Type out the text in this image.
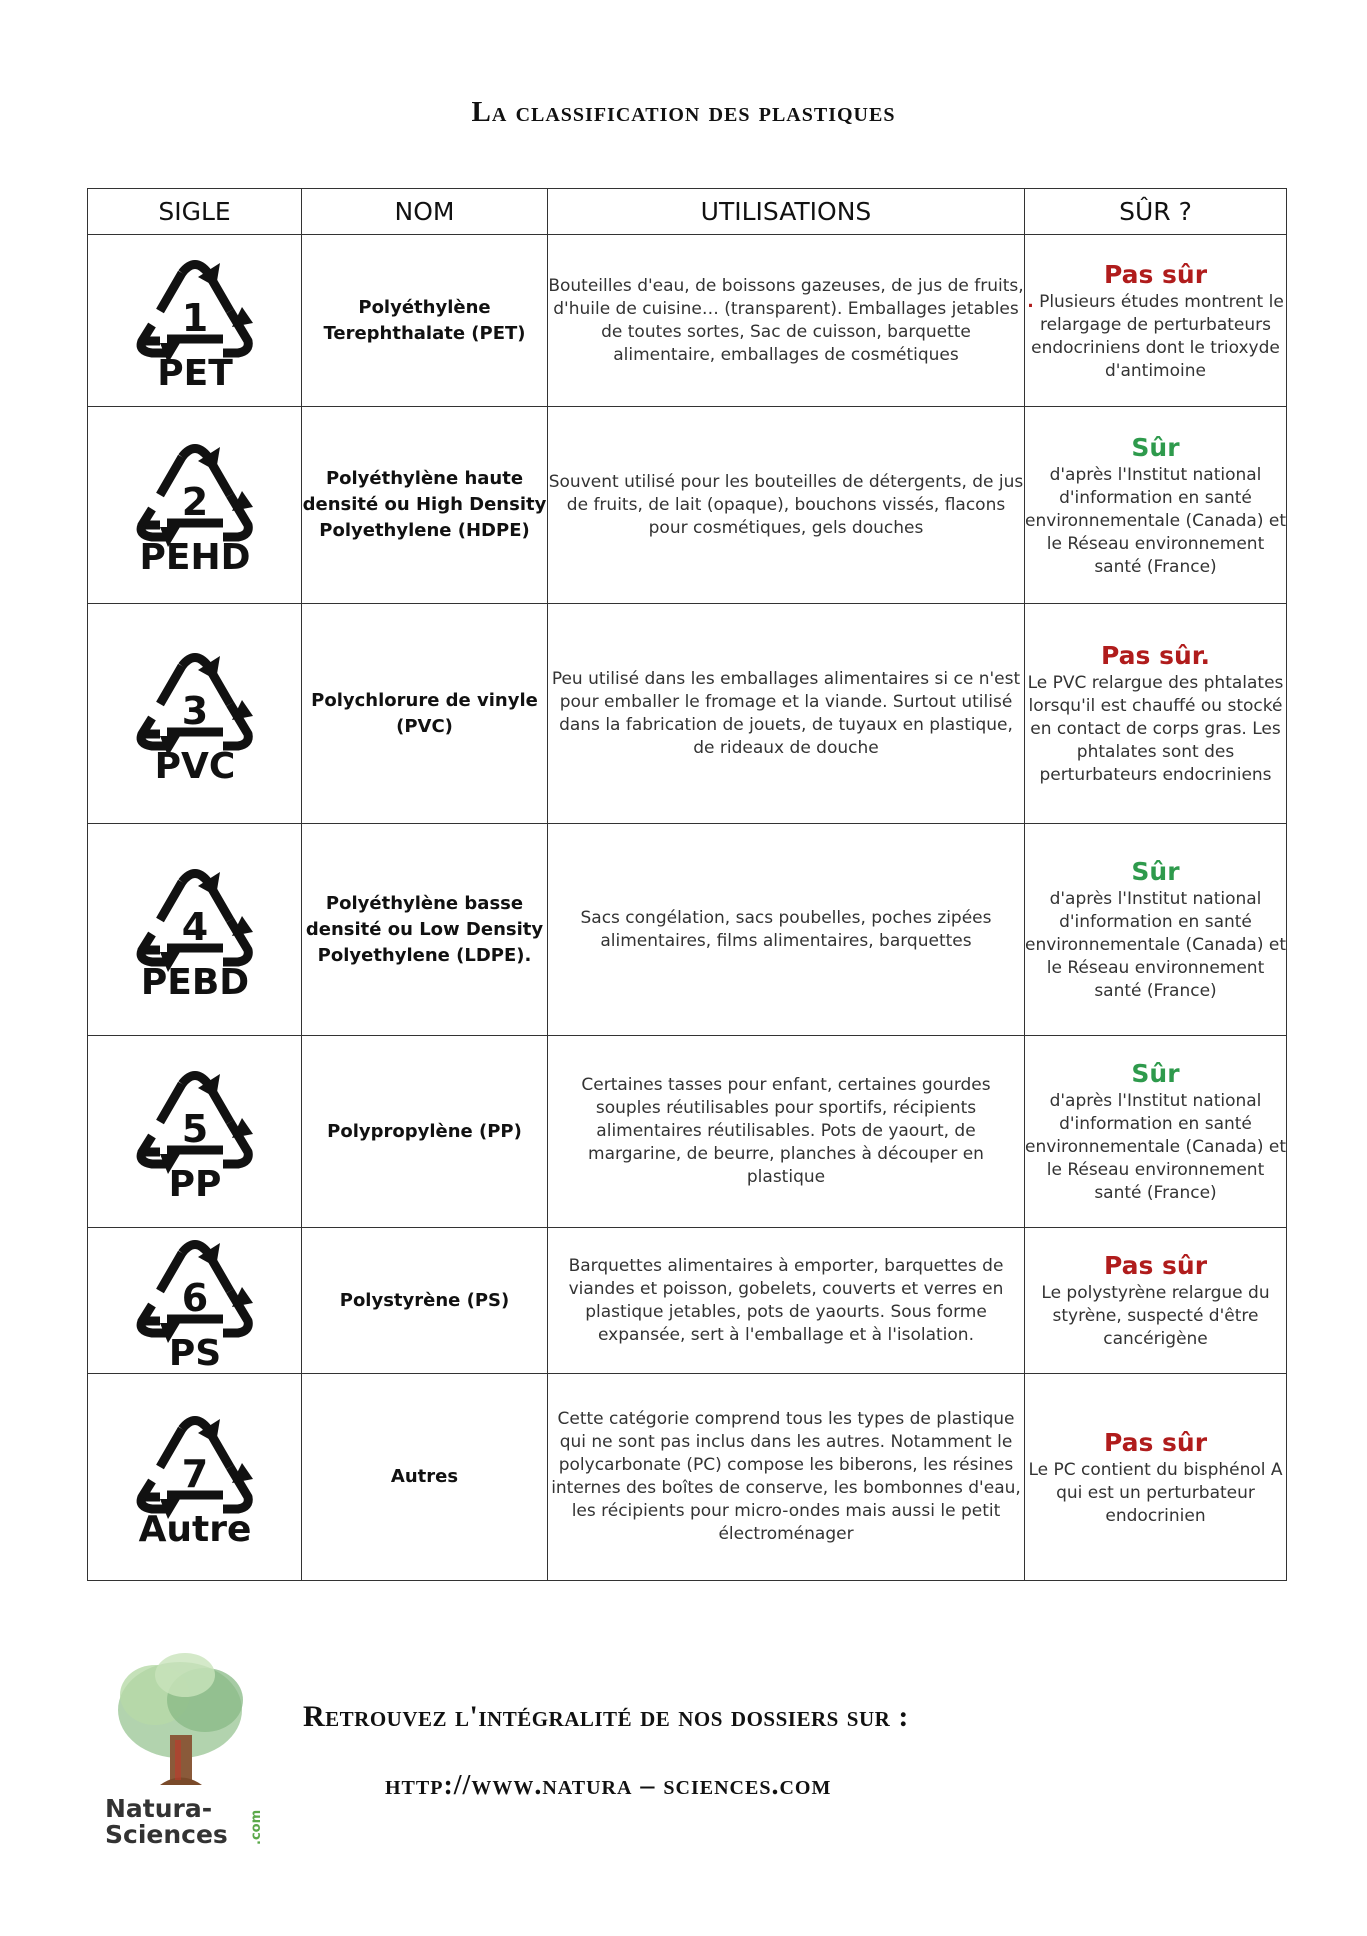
La classification des plastiques
SIGLE	NOM	UTILISATIONS	SÛR ?

1
PET	Polyéthylène Terephthalate (PET)	Bouteilles d'eau, de boissons gazeuses, de jus de fruits, d'huile de cuisine… (transparent). Emballages jetables de toutes sortes, Sac de cuisson, barquette alimentaire, emballages de cosmétiques	Pas sûr
. Plusieurs études montrent le relargage de perturbateurs endocriniens dont le trioxyde d'antimoine

2
PEHD	Polyéthylène haute densité ou High Density Polyethylene (HDPE)	Souvent utilisé pour les bouteilles de détergents, de jus de fruits, de lait (opaque), bouchons vissés, flacons pour cosmétiques, gels douches	Sûr
d'après l'Institut national d'information en santé environnementale (Canada) et le Réseau environnement santé (France)

3
PVC	Polychlorure de vinyle (PVC)	Peu utilisé dans les emballages alimentaires si ce n'est pour emballer le fromage et la viande. Surtout utilisé dans la fabrication de jouets, de tuyaux en plastique, de rideaux de douche	Pas sûr.
Le PVC relargue des phtalates lorsqu'il est chauffé ou stocké en contact de corps gras. Les phtalates sont des perturbateurs endocriniens

4
PEBD	Polyéthylène basse densité ou Low Density Polyethylene (LDPE).	Sacs congélation, sacs poubelles, poches zipées alimentaires, films alimentaires, barquettes	Sûr
d'après l'Institut national d'information en santé environnementale (Canada) et le Réseau environnement santé (France)

5
PP	Polypropylène (PP)	Certaines tasses pour enfant, certaines gourdes souples réutilisables pour sportifs, récipients alimentaires réutilisables. Pots de yaourt, de margarine, de beurre, planches à découper en plastique	Sûr
d'après l'Institut national d'information en santé environnementale (Canada) et le Réseau environnement santé (France)

6
PS	Polystyrène (PS)	Barquettes alimentaires à emporter, barquettes de viandes et poisson, gobelets, couverts et verres en plastique jetables, pots de yaourts. Sous forme expansée, sert à l'emballage et à l'isolation.	Pas sûr
Le polystyrène relargue du styrène, suspecté d'être cancérigène

7
Autre	Autres	Cette catégorie comprend tous les types de plastique qui ne sont pas inclus dans les autres. Notamment le polycarbonate (PC) compose les biberons, les résines internes des boîtes de conserve, les bombonnes d'eau, les récipients pour micro-ondes mais aussi le petit électroménager	Pas sûr
Le PC contient du bisphénol A qui est un perturbateur endocrinien
Natura-
Sciences .com
Retrouvez l'intégralité de nos dossiers sur :
http://www.natura – sciences.com
